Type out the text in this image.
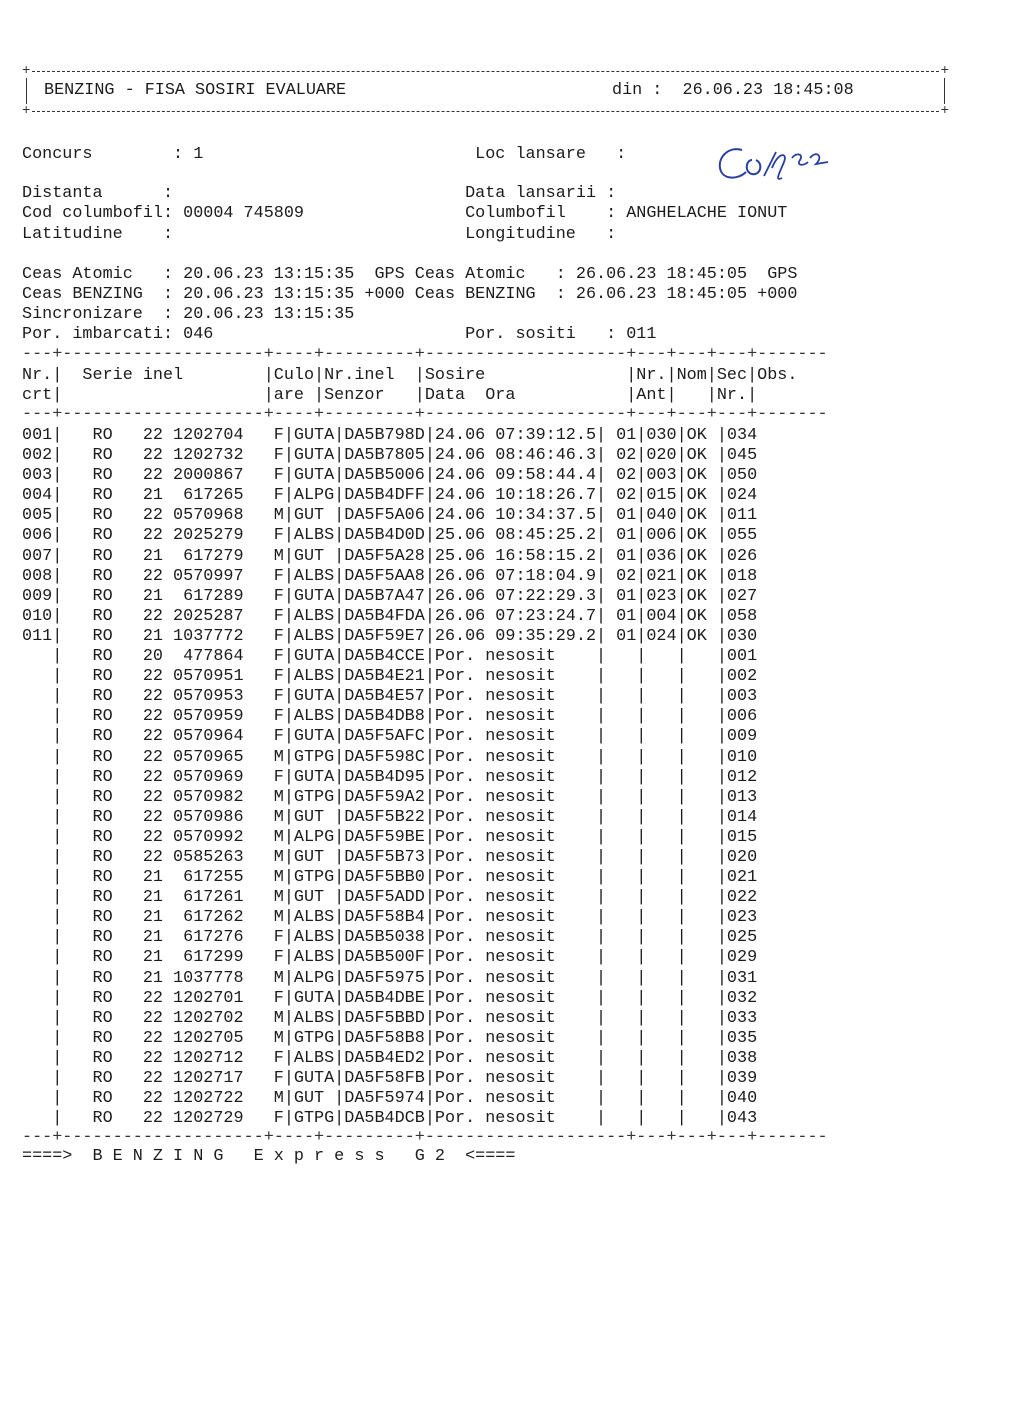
+	+
+	+
BENZING - FISA SOSIRI EVALUARE	din :  26.06.23 18:45:08
Concurs        : 1                           Loc lansare   :
Distanta      :                             Data lansarii :
Cod columbofil: 00004 745809                Columbofil    : ANGHELACHE IONUT
Latitudine    :                             Longitudine   :
Ceas Atomic   : 20.06.23 13:15:35  GPS Ceas Atomic   : 26.06.23 18:45:05  GPS
Ceas BENZING  : 20.06.23 13:15:35 +000 Ceas BENZING  : 26.06.23 18:45:05 +000
Sincronizare  : 20.06.23 13:15:35
Por. imbarcati: 046                         Por. sositi   : 011
---+--------------------+----+---------+--------------------+---+---+---+-------
Nr.|  Serie inel        |Culo|Nr.inel  |Sosire              |Nr.|Nom|Sec|Obs.
crt|                    |are |Senzor   |Data  Ora           |Ant|   |Nr.|
---+--------------------+----+---------+--------------------+---+---+---+-------
001|   RO   22 1202704   F|GUTA|DA5B798D|24.06 07:39:12.5| 01|030|OK |034
002|   RO   22 1202732   F|GUTA|DA5B7805|24.06 08:46:46.3| 02|020|OK |045
003|   RO   22 2000867   F|GUTA|DA5B5006|24.06 09:58:44.4| 02|003|OK |050
004|   RO   21  617265   F|ALPG|DA5B4DFF|24.06 10:18:26.7| 02|015|OK |024
005|   RO   22 0570968   M|GUT |DA5F5A06|24.06 10:34:37.5| 01|040|OK |011
006|   RO   22 2025279   F|ALBS|DA5B4D0D|25.06 08:45:25.2| 01|006|OK |055
007|   RO   21  617279   M|GUT |DA5F5A28|25.06 16:58:15.2| 01|036|OK |026
008|   RO   22 0570997   F|ALBS|DA5F5AA8|26.06 07:18:04.9| 02|021|OK |018
009|   RO   21  617289   F|GUTA|DA5B7A47|26.06 07:22:29.3| 01|023|OK |027
010|   RO   22 2025287   F|ALBS|DA5B4FDA|26.06 07:23:24.7| 01|004|OK |058
011|   RO   21 1037772   F|ALBS|DA5F59E7|26.06 09:35:29.2| 01|024|OK |030
|   RO   20  477864   F|GUTA|DA5B4CCE|Por. nesosit    |   |   |   |001
|   RO   22 0570951   F|ALBS|DA5B4E21|Por. nesosit    |   |   |   |002
|   RO   22 0570953   F|GUTA|DA5B4E57|Por. nesosit    |   |   |   |003
|   RO   22 0570959   F|ALBS|DA5B4DB8|Por. nesosit    |   |   |   |006
|   RO   22 0570964   F|GUTA|DA5F5AFC|Por. nesosit    |   |   |   |009
|   RO   22 0570965   M|GTPG|DA5F598C|Por. nesosit    |   |   |   |010
|   RO   22 0570969   F|GUTA|DA5B4D95|Por. nesosit    |   |   |   |012
|   RO   22 0570982   M|GTPG|DA5F59A2|Por. nesosit    |   |   |   |013
|   RO   22 0570986   M|GUT |DA5F5B22|Por. nesosit    |   |   |   |014
|   RO   22 0570992   M|ALPG|DA5F59BE|Por. nesosit    |   |   |   |015
|   RO   22 0585263   M|GUT |DA5F5B73|Por. nesosit    |   |   |   |020
|   RO   21  617255   M|GTPG|DA5F5BB0|Por. nesosit    |   |   |   |021
|   RO   21  617261   M|GUT |DA5F5ADD|Por. nesosit    |   |   |   |022
|   RO   21  617262   M|ALBS|DA5F58B4|Por. nesosit    |   |   |   |023
|   RO   21  617276   F|ALBS|DA5B5038|Por. nesosit    |   |   |   |025
|   RO   21  617299   F|ALBS|DA5B500F|Por. nesosit    |   |   |   |029
|   RO   21 1037778   M|ALPG|DA5F5975|Por. nesosit    |   |   |   |031
|   RO   22 1202701   F|GUTA|DA5B4DBE|Por. nesosit    |   |   |   |032
|   RO   22 1202702   M|ALBS|DA5F5BBD|Por. nesosit    |   |   |   |033
|   RO   22 1202705   M|GTPG|DA5F58B8|Por. nesosit    |   |   |   |035
|   RO   22 1202712   F|ALBS|DA5B4ED2|Por. nesosit    |   |   |   |038
|   RO   22 1202717   F|GUTA|DA5F58FB|Por. nesosit    |   |   |   |039
|   RO   22 1202722   M|GUT |DA5F5974|Por. nesosit    |   |   |   |040
|   RO   22 1202729   F|GTPG|DA5B4DCB|Por. nesosit    |   |   |   |043
---+--------------------+----+---------+--------------------+---+---+---+-------
====>  B E N Z I N G   E x p r e s s   G 2  <====
